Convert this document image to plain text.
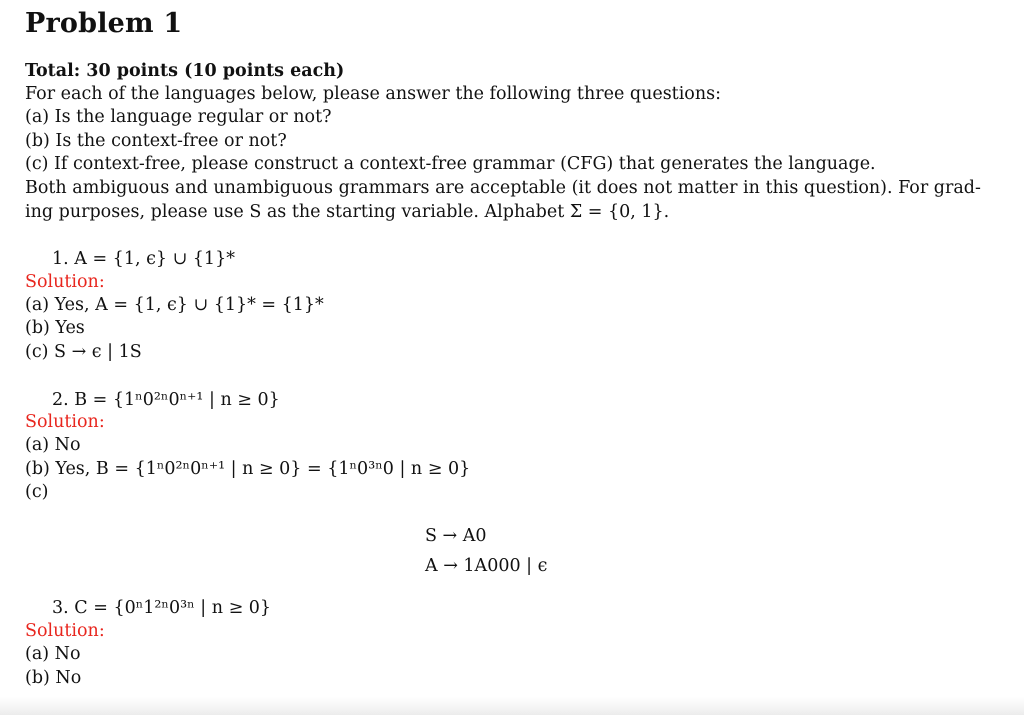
Problem 1
Total: 30 points (10 points each)
For each of the languages below, please answer the following three questions:
(a) Is the language regular or not?
(b) Is the context-free or not?
(c) If context-free, please construct a context-free grammar (CFG) that generates the language.
Both ambiguous and unambiguous grammars are acceptable (it does not matter in this question). For grad-
ing purposes, please use S as the starting variable. Alphabet Σ = {0, 1}.
1. A = {1, ϵ} ∪ {1}*
Solution:
(a) Yes, A = {1, ϵ} ∪ {1}* = {1}*
(b) Yes
(c) S → ϵ | 1S
2. B = {1ⁿ0²ⁿ0ⁿ⁺¹ | n ≥ 0}
Solution:
(a) No
(b) Yes, B = {1ⁿ0²ⁿ0ⁿ⁺¹ | n ≥ 0} = {1ⁿ0³ⁿ0 | n ≥ 0}
(c)
S → A0
A → 1A000 | ϵ
3. C = {0ⁿ1²ⁿ0³ⁿ | n ≥ 0}
Solution:
(a) No
(b) No
